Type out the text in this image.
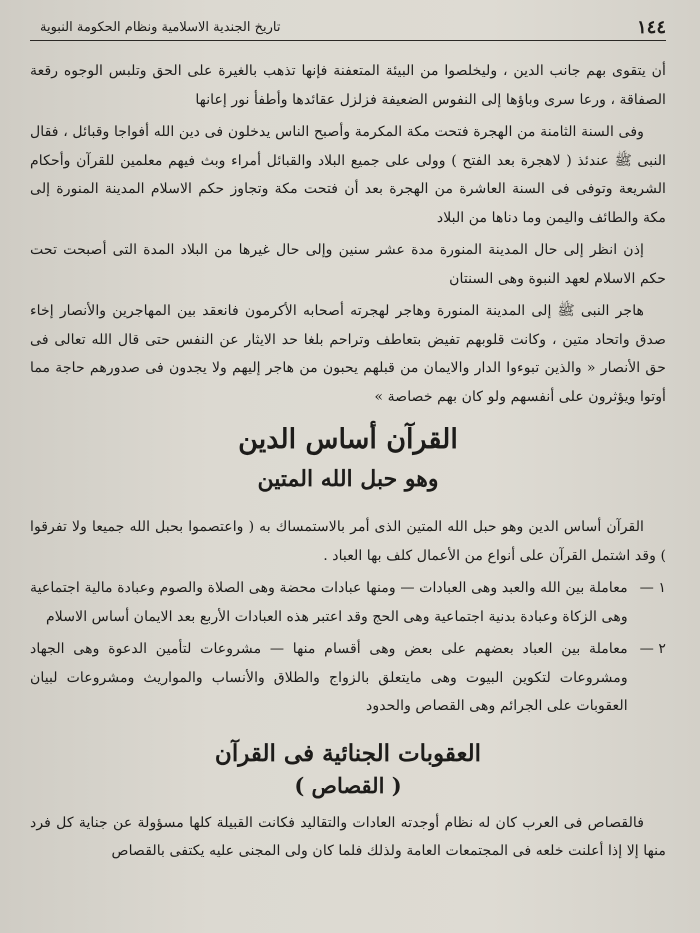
١٤٤
تاريخ الجندية الاسلامية ونظام الحكومة النبوية

أن يتقوى بهم جانب الدين ، وليخلصوا من البيئة المتعفنة فإنها تذهب بالغيرة على الحق وتلبس الوجوه رقعة الصفاقة ، ورعا سرى وباؤها إلى النفوس الضعيفة فزلزل عقائدها وأطفأ نور إعانها

وفى السنة الثامنة من الهجرة فتحت مكة المكرمة وأصبح الناس يدخلون فى دين الله أفواجا وقبائل ، فقال النبى ﷺ عندئذ ( لاهجرة بعد الفتح ) وولى على جميع البلاد والقبائل أمراء وبث فيهم معلمين للقرآن وأحكام الشريعة وتوفى فى السنة العاشرة من الهجرة بعد أن فتحت مكة وتجاوز حكم الاسلام المدينة المنورة إلى مكة والطائف واليمن وما دناها من البلاد

إذن انظر إلى حال المدينة المنورة مدة عشر سنين وإلى حال غيرها من البلاد المدة التى أصبحت تحت حكم الاسلام لعهد النبوة وهى السنتان

هاجر النبى ﷺ إلى المدينة المنورة وهاجر لهجرته أصحابه الأكرمون فانعقد بين المهاجرين والأنصار إخاء صدق واتحاد متين ، وكانت قلوبهم تفيض بتعاطف وتراحم بلغا حد الايثار عن النفس حتى قال الله تعالى فى حق الأنصار « والذين تبوءوا الدار والايمان من قبلهم يحبون من هاجر إليهم ولا يجدون فى صدورهم حاجة مما أوتوا ويؤثرون على أنفسهم ولو كان بهم خصاصة »

القرآن أساس الدين
وهو حبل الله المتين

القرآن أساس الدين وهو حبل الله المتين الذى أمر بالاستمساك به ( واعتصموا بحبل الله جميعا ولا تفرقوا ) وقد اشتمل القرآن على أنواع من الأعمال كلف بها العباد .

١ —

معاملة بين الله والعبد وهى العبادات — ومنها عبادات محضة وهى الصلاة والصوم وعبادة مالية اجتماعية وهى الزكاة وعبادة بدنية اجتماعية وهى الحج وقد اعتبر هذه العبادات الأربع بعد الايمان أساس الاسلام

٢ —

معاملة بين العباد بعضهم على بعض وهى أقسام منها — مشروعات لتأمين الدعوة وهى الجهاد ومشروعات لتكوين البيوت وهى مايتعلق بالزواج والطلاق والأنساب والمواريث ومشروعات لبيان العقوبات على الجرائم وهى القصاص والحدود

العقوبات الجنائية فى القرآن
( القصاص )

فالقصاص فى العرب كان له نظام أوجدته العادات والتقاليد فكانت القبيلة كلها مسؤولة عن جناية كل فرد منها إلا إذا أعلنت خلعه فى المجتمعات العامة ولذلك فلما كان ولى المجنى عليه يكتفى بالقصاص
